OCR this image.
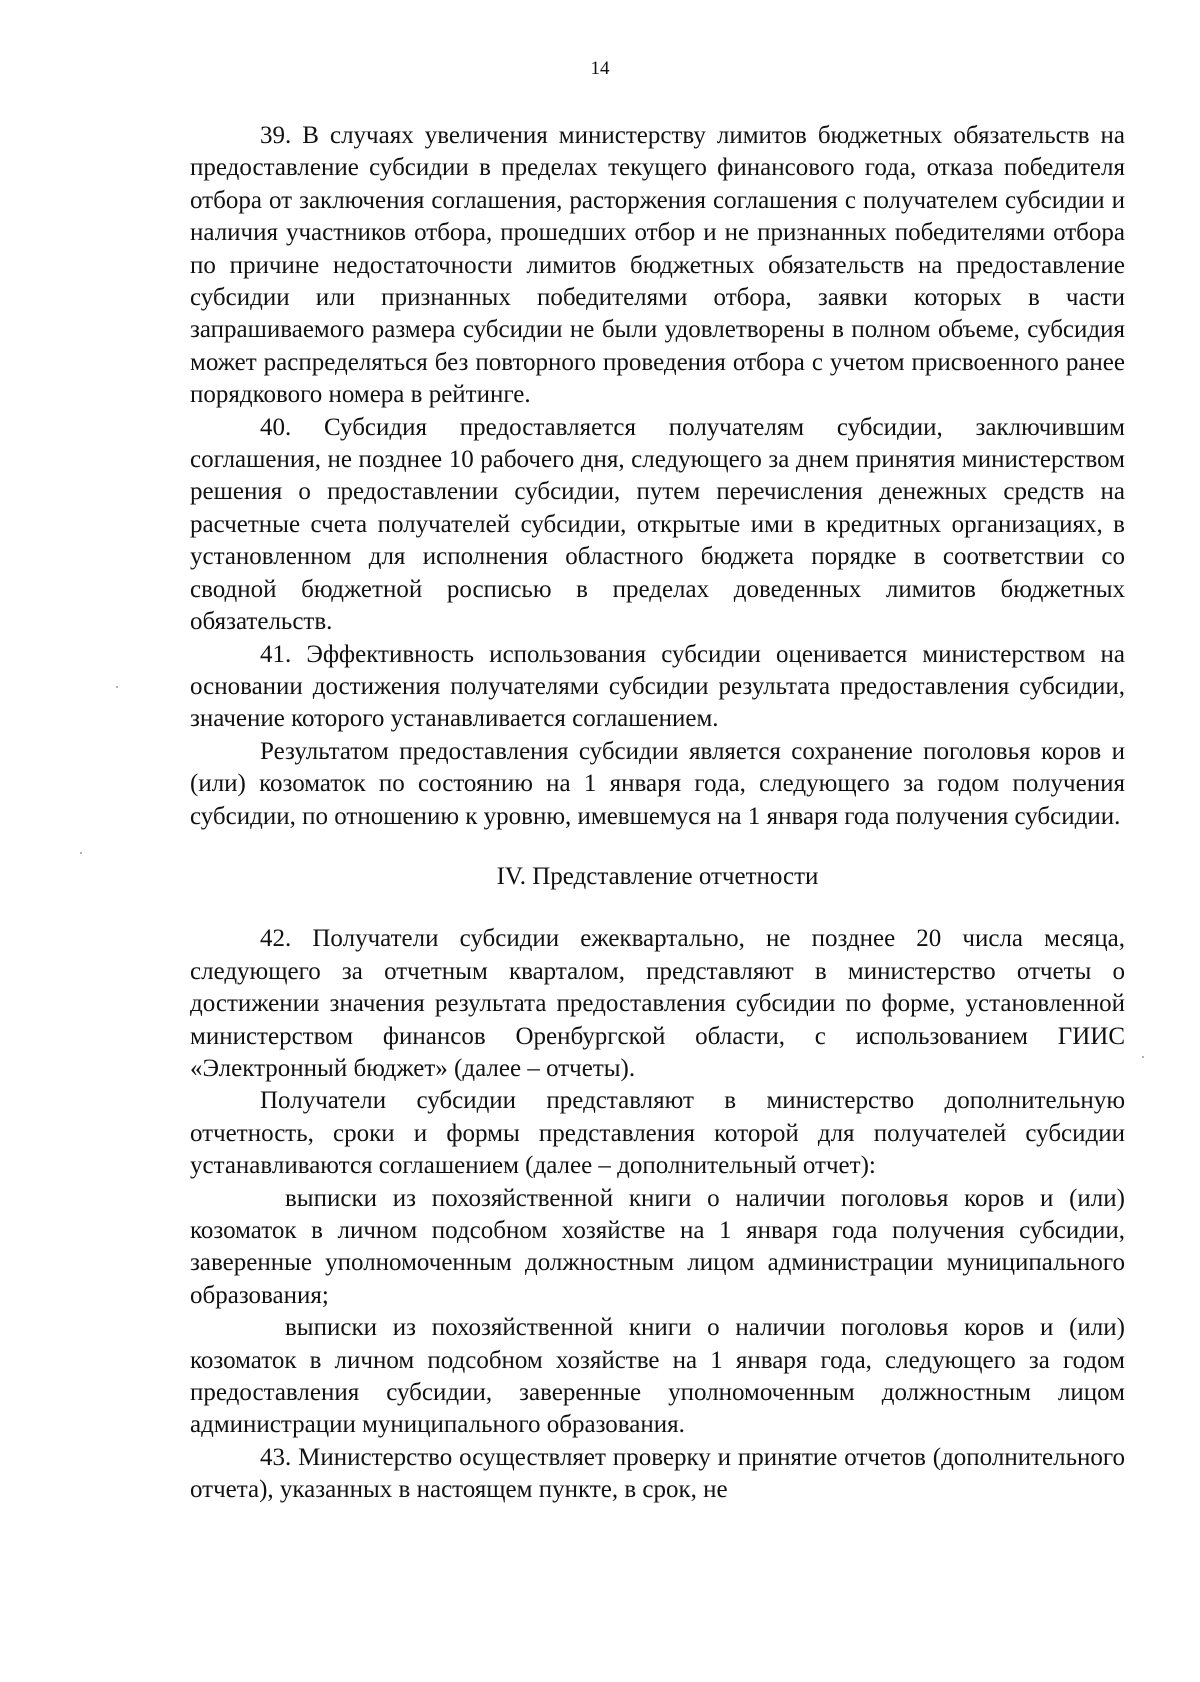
14

39. В случаях увеличения министерству лимитов бюджетных обязательств на предоставление субсидии в пределах текущего финансового года, отказа победителя отбора от заключения соглашения, расторжения соглашения с получателем субсидии и наличия участников отбора, прошедших отбор и не признанных победителями отбора по причине недостаточности лимитов бюджетных обязательств на предоставление субсидии или признанных победителями отбора, заявки которых в части запрашиваемого размера субсидии не были удовлетворены в полном объеме, субсидия может распределяться без повторного проведения отбора с учетом присвоенного ранее порядкового номера в рейтинге.

40. Субсидия предоставляется получателям субсидии, заключившим соглашения, не позднее 10 рабочего дня, следующего за днем принятия министерством решения о предоставлении субсидии, путем перечисления денежных средств на расчетные счета получателей субсидии, открытые ими в кредитных организациях, в установленном для исполнения областного бюджета порядке в соответствии со сводной бюджетной росписью в пределах доведенных лимитов бюджетных обязательств.

41. Эффективность использования субсидии оценивается министерством на основании достижения получателями субсидии результата предоставления субсидии, значение которого устанавливается соглашением.

Результатом предоставления субсидии является сохранение поголовья коров и (или) козоматок по состоянию на 1 января года, следующего за годом получения субсидии, по отношению к уровню, имевшемуся на 1 января года получения субсидии.

IV. Представление отчетности

42. Получатели субсидии ежеквартально, не позднее 20 числа месяца, следующего за отчетным кварталом, представляют в министерство отчеты о достижении значения результата предоставления субсидии по форме, установленной министерством финансов Оренбургской области, с использованием ГИИС «Электронный бюджет» (далее – отчеты).

Получатели субсидии представляют в министерство дополнительную отчетность, сроки и формы представления которой для получателей субсидии устанавливаются соглашением (далее – дополнительный отчет):

выписки из похозяйственной книги о наличии поголовья коров и (или) козоматок в личном подсобном хозяйстве на 1 января года получения субсидии, заверенные уполномоченным должностным лицом администрации муниципального образования;

выписки из похозяйственной книги о наличии поголовья коров и (или) козоматок в личном подсобном хозяйстве на 1 января года, следующего за годом предоставления субсидии, заверенные уполномоченным должностным лицом администрации муниципального образования.

43. Министерство осуществляет проверку и принятие отчетов (дополнительного отчета), указанных в настоящем пункте, в срок, не
